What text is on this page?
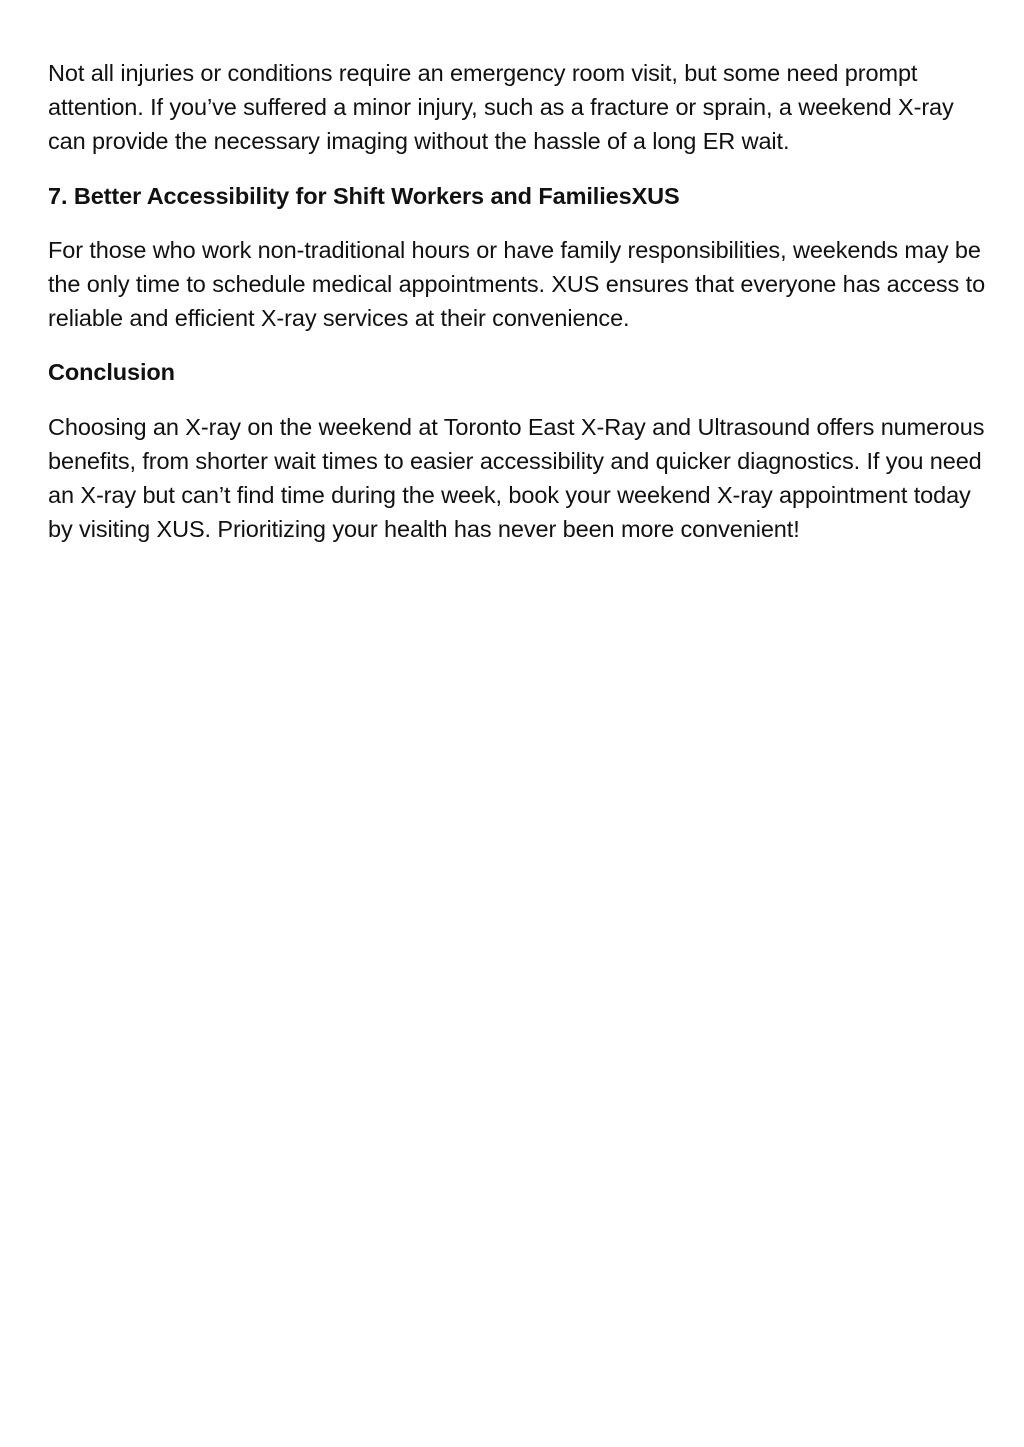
Not all injuries or conditions require an emergency room visit, but some need prompt attention. If you’ve suffered a minor injury, such as a fracture or sprain, a weekend X-ray can provide the necessary imaging without the hassle of a long ER wait.

7. Better Accessibility for Shift Workers and FamiliesXUS

For those who work non-traditional hours or have family responsibilities, weekends may be the only time to schedule medical appointments. XUS ensures that everyone has access to reliable and efficient X-ray services at their convenience.

Conclusion

Choosing an X-ray on the weekend at Toronto East X-Ray and Ultrasound offers numerous benefits, from shorter wait times to easier accessibility and quicker diagnostics. If you need an X-ray but can’t find time during the week, book your weekend X-ray appointment today by visiting XUS. Prioritizing your health has never been more convenient!
